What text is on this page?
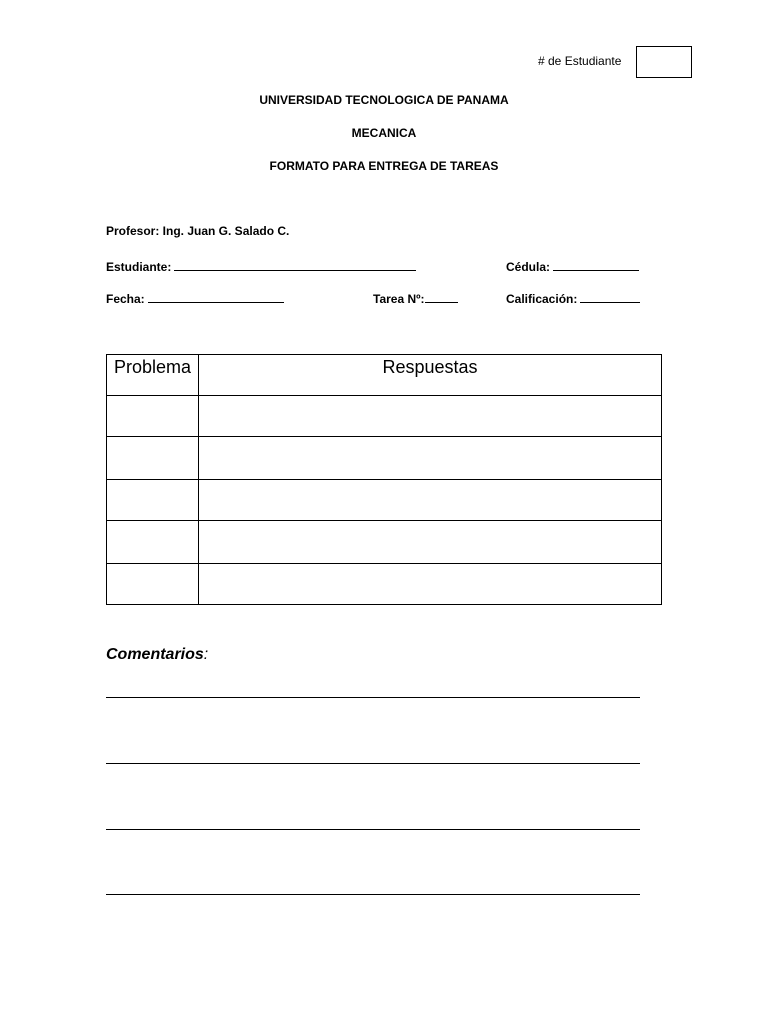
# de Estudiante
UNIVERSIDAD TECNOLOGICA DE PANAMA
MECANICA
FORMATO PARA ENTREGA DE TAREAS
Profesor: Ing. Juan G. Salado C.
Estudiante:	Cédula:
Fecha:	Tarea Nº:	Calificación:
Problema	Respuestas

Comentarios:
